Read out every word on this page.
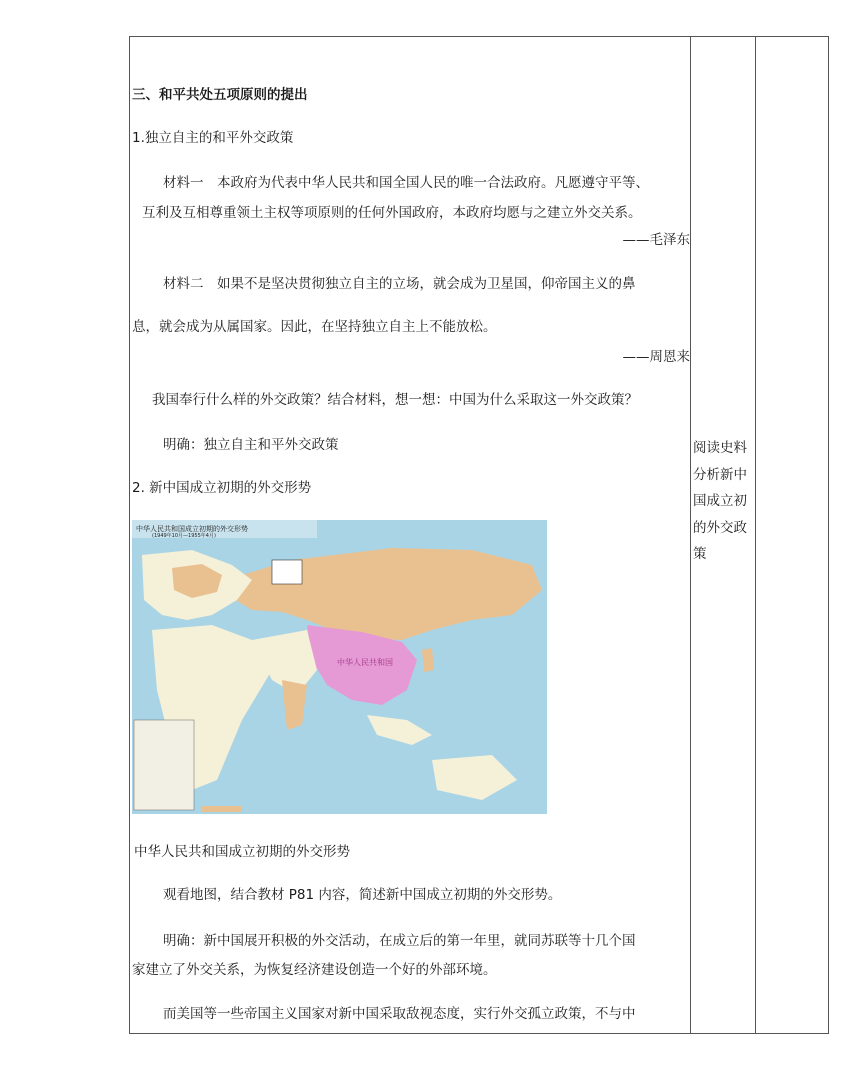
三、和平共处五项原则的提出
1.独立自主的和平外交政策
材料一　本政府为代表中华人民共和国全国人民的唯一合法政府。凡愿遵守平等、
互利及互相尊重领土主权等项原则的任何外国政府，本政府均愿与之建立外交关系。
——毛泽东
材料二　如果不是坚决贯彻独立自主的立场，就会成为卫星国，仰帝国主义的鼻
息，就会成为从属国家。因此，在坚持独立自主上不能放松。
——周恩来
我国奉行什么样的外交政策？结合材料，想一想：中国为什么采取这一外交政策？
明确：独立自主和平外交政策
2. 新中国成立初期的外交形势
中华人民共和国成立初期的外交形势
(1949年10月—1955年4月)
中华人民共和国
中华人民共和国成立初期的外交形势
观看地图，结合教材 P81 内容，简述新中国成立初期的外交形势。
明确：新中国展开积极的外交活动，在成立后的第一年里，就同苏联等十几个国
家建立了外交关系，为恢复经济建设创造一个好的外部环境。
而美国等一些帝国主义国家对新中国采取敌视态度，实行外交孤立政策，不与中
阅读史料
分析新中
国成立初
的外交政
策
